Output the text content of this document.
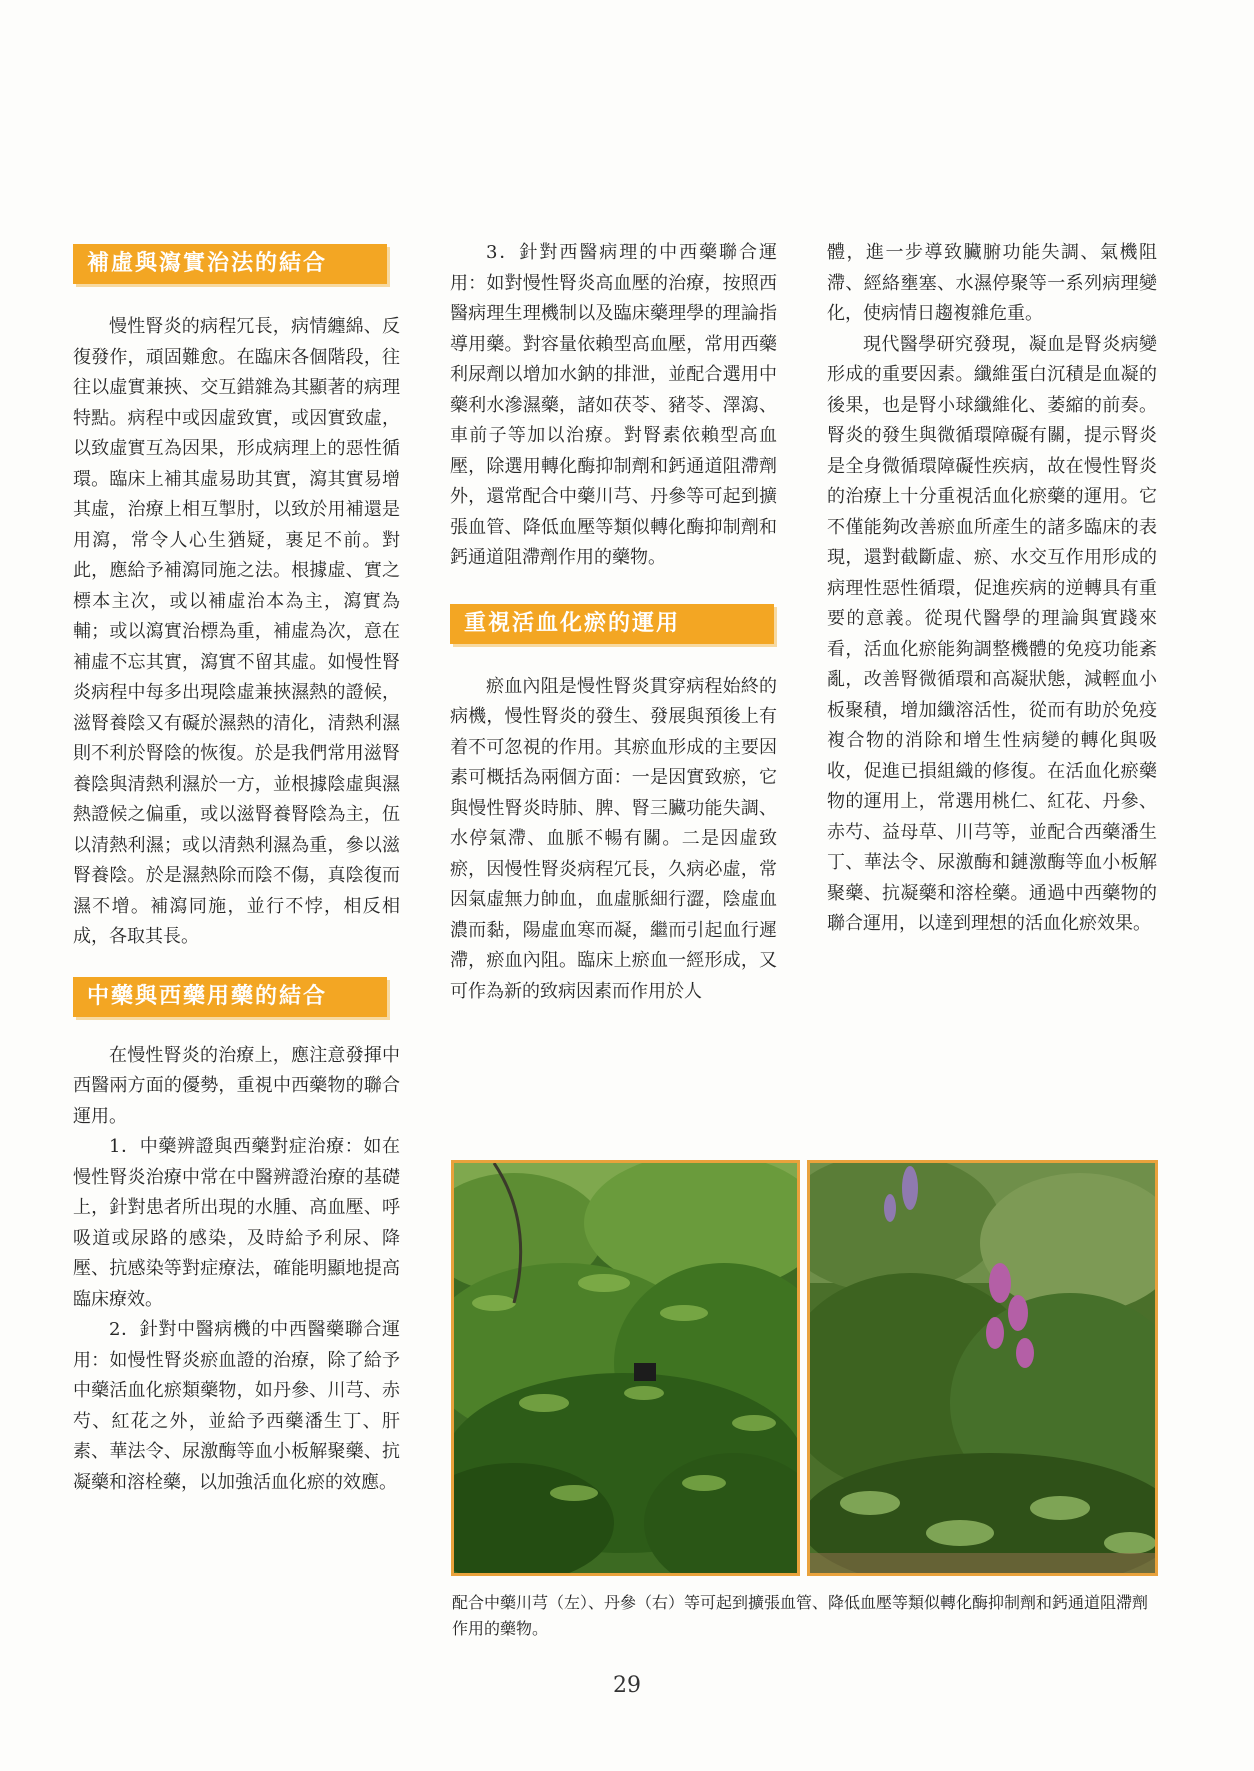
補虛與瀉實治法的結合

慢性腎炎的病程冗長，病情纏綿、反復發作，頑固難愈。在臨床各個階段，往往以虛實兼挾、交互錯雜為其顯著的病理特點。病程中或因虛致實，或因實致虛，以致虛實互為因果，形成病理上的惡性循環。臨床上補其虛易助其實，瀉其實易增其虛，治療上相互掣肘，以致於用補還是用瀉，常令人心生猶疑，裹足不前。對此，應給予補瀉同施之法。根據虛、實之標本主次，或以補虛治本為主，瀉實為輔；或以瀉實治標為重，補虛為次，意在補虛不忘其實，瀉實不留其虛。如慢性腎炎病程中每多出現陰虛兼挾濕熱的證候，滋腎養陰又有礙於濕熱的清化，清熱利濕則不利於腎陰的恢復。於是我們常用滋腎養陰與清熱利濕於一方，並根據陰虛與濕熱證候之偏重，或以滋腎養腎陰為主，伍以清熱利濕；或以清熱利濕為重，參以滋腎養陰。於是濕熱除而陰不傷，真陰復而濕不增。補瀉同施，並行不悖，相反相成，各取其長。

中藥與西藥用藥的結合

在慢性腎炎的治療上，應注意發揮中西醫兩方面的優勢，重視中西藥物的聯合運用。

1．中藥辨證與西藥對症治療：如在慢性腎炎治療中常在中醫辨證治療的基礎上，針對患者所出現的水腫、高血壓、呼吸道或尿路的感染，及時給予利尿、降壓、抗感染等對症療法，確能明顯地提高臨床療效。

2．針對中醫病機的中西醫藥聯合運用：如慢性腎炎瘀血證的治療，除了給予中藥活血化瘀類藥物，如丹參、川芎、赤芍、紅花之外，並給予西藥潘生丁、肝素、華法令、尿激酶等血小板解聚藥、抗凝藥和溶栓藥，以加強活血化瘀的效應。

3．針對西醫病理的中西藥聯合運用：如對慢性腎炎高血壓的治療，按照西醫病理生理機制以及臨床藥理學的理論指導用藥。對容量依賴型高血壓，常用西藥利尿劑以增加水鈉的排泄，並配合選用中藥利水滲濕藥，諸如茯苓、豬苓、澤瀉、車前子等加以治療。對腎素依賴型高血壓，除選用轉化酶抑制劑和鈣通道阻滯劑外，還常配合中藥川芎、丹參等可起到擴張血管、降低血壓等類似轉化酶抑制劑和鈣通道阻滯劑作用的藥物。

重視活血化瘀的運用

瘀血內阻是慢性腎炎貫穿病程始終的病機，慢性腎炎的發生、發展與預後上有着不可忽視的作用。其瘀血形成的主要因素可概括為兩個方面：一是因實致瘀，它與慢性腎炎時肺、脾、腎三臟功能失調、水停氣滯、血脈不暢有關。二是因虛致瘀，因慢性腎炎病程冗長，久病必虛，常因氣虛無力帥血，血虛脈細行澀，陰虛血濃而黏，陽虛血寒而凝，繼而引起血行遲滯，瘀血內阻。臨床上瘀血一經形成，又可作為新的致病因素而作用於人

體，進一步導致臟腑功能失調、氣機阻滯、經絡壅塞、水濕停聚等一系列病理變化，使病情日趨複雜危重。

現代醫學研究發現，凝血是腎炎病變形成的重要因素。纖維蛋白沉積是血凝的後果，也是腎小球纖維化、萎縮的前奏。腎炎的發生與微循環障礙有關，提示腎炎是全身微循環障礙性疾病，故在慢性腎炎的治療上十分重視活血化瘀藥的運用。它不僅能夠改善瘀血所產生的諸多臨床的表現，還對截斷虛、瘀、水交互作用形成的病理性惡性循環，促進疾病的逆轉具有重要的意義。從現代醫學的理論與實踐來看，活血化瘀能夠調整機體的免疫功能紊亂，改善腎微循環和高凝狀態，減輕血小板聚積，增加纖溶活性，從而有助於免疫複合物的消除和增生性病變的轉化與吸收，促進已損組織的修復。在活血化瘀藥物的運用上，常選用桃仁、紅花、丹參、赤芍、益母草、川芎等，並配合西藥潘生丁、華法令、尿激酶和鏈激酶等血小板解聚藥、抗凝藥和溶栓藥。通過中西藥物的聯合運用，以達到理想的活血化瘀效果。

配合中藥川芎（左）、丹參（右）等可起到擴張血管、降低血壓等類似轉化酶抑制劑和鈣通道阻滯劑作用的藥物。
29
